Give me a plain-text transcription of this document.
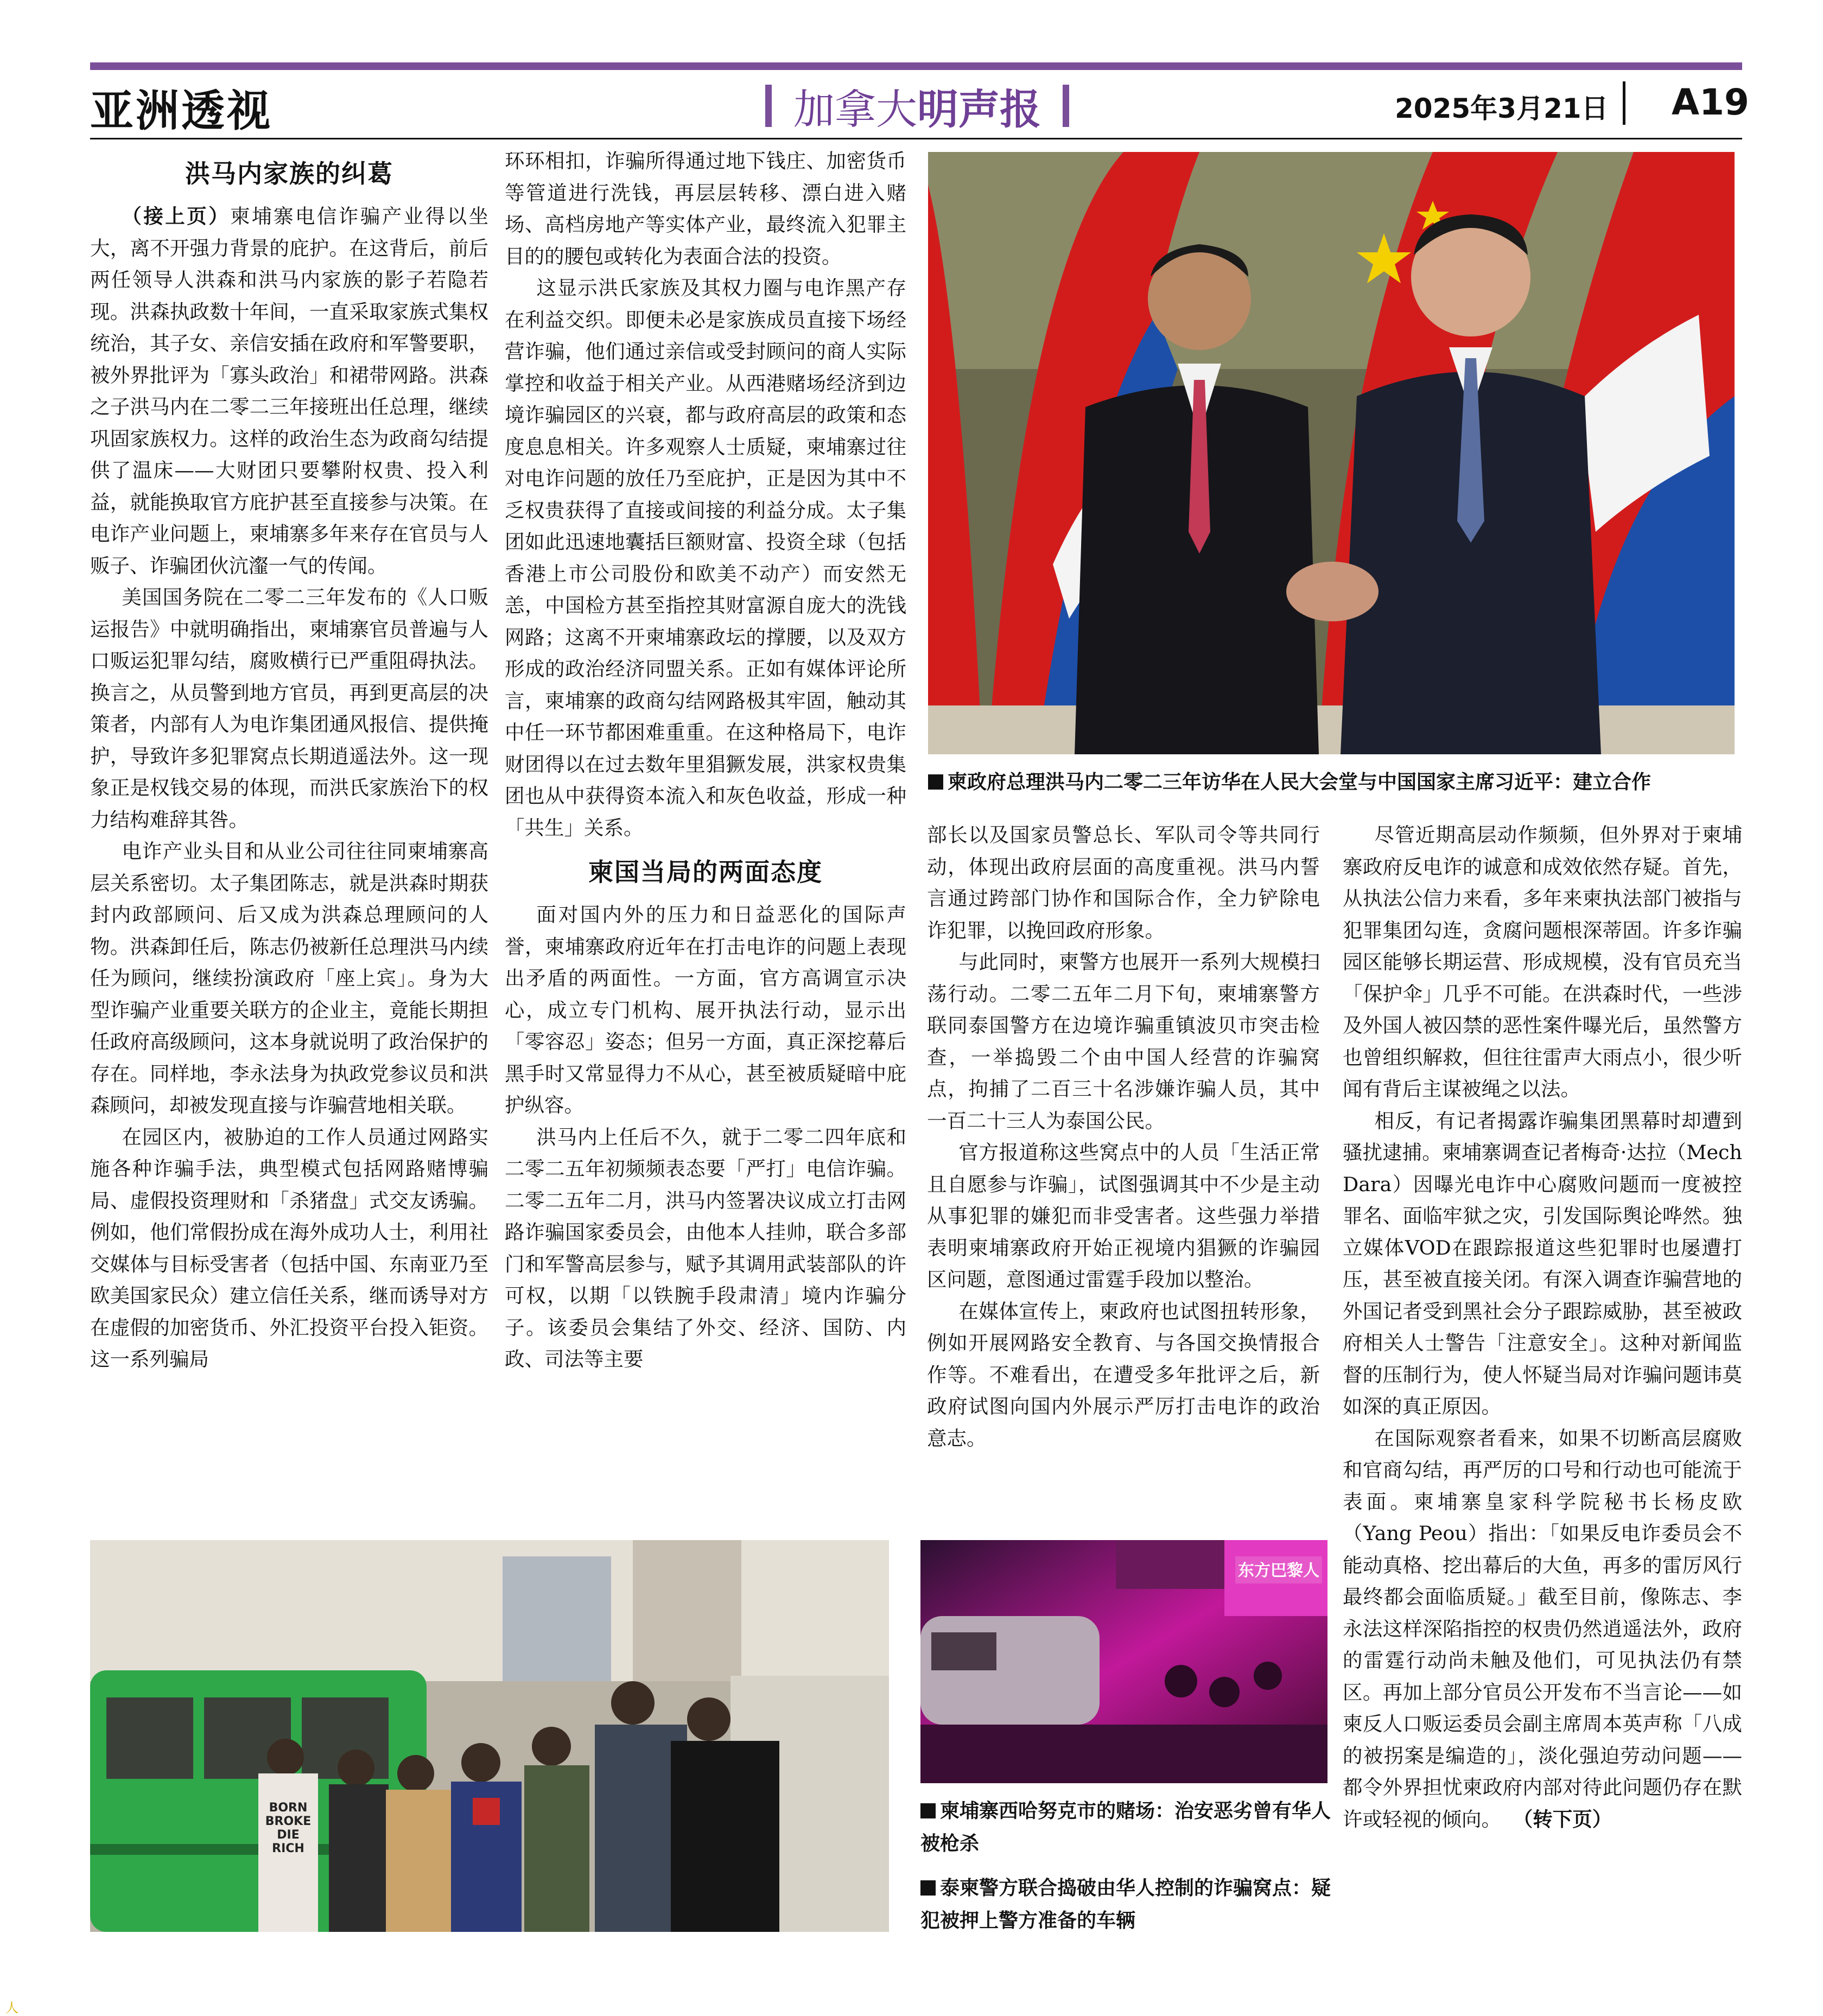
亚洲透视	加拿大 明声报	2025年3月21日 A19
洪马内家族的纠葛

（接上页）柬埔寨电信诈骗产业得以坐大，离不开强力背景的庇护。在这背后，前后两任领导人洪森和洪马内家族的影子若隐若现。洪森执政数十年间，一直采取家族式集权统治，其子女、亲信安插在政府和军警要职，被外界批评为「寡头政治」和裙带网路。洪森之子洪马内在二零二三年接班出任总理，继续巩固家族权力。这样的政治生态为政商勾结提供了温床——大财团只要攀附权贵、投入利益，就能换取官方庇护甚至直接参与决策。在电诈产业问题上，柬埔寨多年来存在官员与人贩子、诈骗团伙沆瀣一气的传闻。

美国国务院在二零二三年发布的《人口贩运报告》中就明确指出，柬埔寨官员普遍与人口贩运犯罪勾结，腐败横行已严重阻碍执法。换言之，从员警到地方官员，再到更高层的决策者，内部有人为电诈集团通风报信、提供掩护，导致许多犯罪窝点长期逍遥法外。这一现象正是权钱交易的体现，而洪氏家族治下的权力结构难辞其咎。

电诈产业头目和从业公司往往同柬埔寨高层关系密切。太子集团陈志，就是洪森时期获封内政部顾问、后又成为洪森总理顾问的人物。洪森卸任后，陈志仍被新任总理洪马内续任为顾问，继续扮演政府「座上宾」。身为大型诈骗产业重要关联方的企业主，竟能长期担任政府高级顾问，这本身就说明了政治保护的存在。同样地，李永法身为执政党参议员和洪森顾问，却被发现直接与诈骗营地相关联。

在园区内，被胁迫的工作人员通过网路实施各种诈骗手法，典型模式包括网路赌博骗局、虚假投资理财和「杀猪盘」式交友诱骗。例如，他们常假扮成在海外成功人士，利用社交媒体与目标受害者（包括中国、东南亚乃至欧美国家民众）建立信任关系，继而诱导对方在虚假的加密货币、外汇投资平台投入钜资。这一系列骗局

环环相扣，诈骗所得通过地下钱庄、加密货币等管道进行洗钱，再层层转移、漂白进入赌场、高档房地产等实体产业，最终流入犯罪主目的的腰包或转化为表面合法的投资。

这显示洪氏家族及其权力圈与电诈黑产存在利益交织。即便未必是家族成员直接下场经营诈骗，他们通过亲信或受封顾问的商人实际掌控和收益于相关产业。从西港赌场经济到边境诈骗园区的兴衰，都与政府高层的政策和态度息息相关。许多观察人士质疑，柬埔寨过往对电诈问题的放任乃至庇护，正是因为其中不乏权贵获得了直接或间接的利益分成。太子集团如此迅速地囊括巨额财富、投资全球（包括香港上市公司股份和欧美不动产）而安然无恙，中国检方甚至指控其财富源自庞大的洗钱网路；这离不开柬埔寨政坛的撑腰，以及双方形成的政治经济同盟关系。正如有媒体评论所言，柬埔寨的政商勾结网路极其牢固，触动其中任一环节都困难重重。在这种格局下，电诈财团得以在过去数年里猖獗发展，洪家权贵集团也从中获得资本流入和灰色收益，形成一种「共生」关系。

柬国当局的两面态度

面对国内外的压力和日益恶化的国际声誉，柬埔寨政府近年在打击电诈的问题上表现出矛盾的两面性。一方面，官方高调宣示决心，成立专门机构、展开执法行动，显示出「零容忍」姿态；但另一方面，真正深挖幕后黑手时又常显得力不从心，甚至被质疑暗中庇护纵容。

洪马内上任后不久，就于二零二四年底和二零二五年初频频表态要「严打」电信诈骗。二零二五年二月，洪马内签署决议成立打击网路诈骗国家委员会，由他本人挂帅，联合多部门和军警高层参与，赋予其调用武装部队的许可权，以期「以铁腕手段肃清」境内诈骗分子。该委员会集结了外交、经济、国防、内政、司法等主要

柬政府总理洪马内二零二三年访华在人民大会堂与中国国家主席习近平：建立合作

部长以及国家员警总长、军队司令等共同行动，体现出政府层面的高度重视。洪马内誓言通过跨部门协作和国际合作，全力铲除电诈犯罪，以挽回政府形象。

与此同时，柬警方也展开一系列大规模扫荡行动。二零二五年二月下旬，柬埔寨警方联同泰国警方在边境诈骗重镇波贝市突击检查，一举捣毁二个由中国人经营的诈骗窝点，拘捕了二百三十名涉嫌诈骗人员，其中一百二十三人为泰国公民。

官方报道称这些窝点中的人员「生活正常且自愿参与诈骗」，试图强调其中不少是主动从事犯罪的嫌犯而非受害者。这些强力举措表明柬埔寨政府开始正视境内猖獗的诈骗园区问题，意图通过雷霆手段加以整治。

在媒体宣传上，柬政府也试图扭转形象，例如开展网路安全教育、与各国交换情报合作等。不难看出，在遭受多年批评之后，新政府试图向国内外展示严厉打击电诈的政治意志。

尽管近期高层动作频频，但外界对于柬埔寨政府反电诈的诚意和成效依然存疑。首先，从执法公信力来看，多年来柬执法部门被指与犯罪集团勾连，贪腐问题根深蒂固。许多诈骗园区能够长期运营、形成规模，没有官员充当「保护伞」几乎不可能。在洪森时代，一些涉及外国人被囚禁的恶性案件曝光后，虽然警方也曾组织解救，但往往雷声大雨点小，很少听闻有背后主谋被绳之以法。

相反，有记者揭露诈骗集团黑幕时却遭到骚扰逮捕。柬埔寨调查记者梅奇·达拉（Mech Dara）因曝光电诈中心腐败问题而一度被控罪名、面临牢狱之灾，引发国际舆论哗然。独立媒体VOD在跟踪报道这些犯罪时也屡遭打压，甚至被直接关闭。有深入调查诈骗营地的外国记者受到黑社会分子跟踪威胁，甚至被政府相关人士警告「注意安全」。这种对新闻监督的压制行为，使人怀疑当局对诈骗问题讳莫如深的真正原因。

在国际观察者看来，如果不切断高层腐败和官商勾结，再严厉的口号和行动也可能流于表面。柬埔寨皇家科学院秘书长杨皮欧（Yang Peou）指出：「如果反电诈委员会不能动真格、挖出幕后的大鱼，再多的雷厉风行最终都会面临质疑。」截至目前，像陈志、李永法这样深陷指控的权贵仍然逍遥法外，政府的雷霆行动尚未触及他们，可见执法仍有禁区。再加上部分官员公开发布不当言论——如柬反人口贩运委员会副主席周本英声称「八成的被拐案是编造的」，淡化强迫劳动问题——都令外界担忧柬政府内部对待此问题仍存在默许或轻视的倾向。 （转下页）

BORN
BROKE
DIE
RICH
东方巴黎人
柬埔寨西哈努克市的赌场：治安恶劣曾有华人被枪杀
泰柬警方联合捣破由华人控制的诈骗窝点：疑犯被押上警方准备的车辆
人
